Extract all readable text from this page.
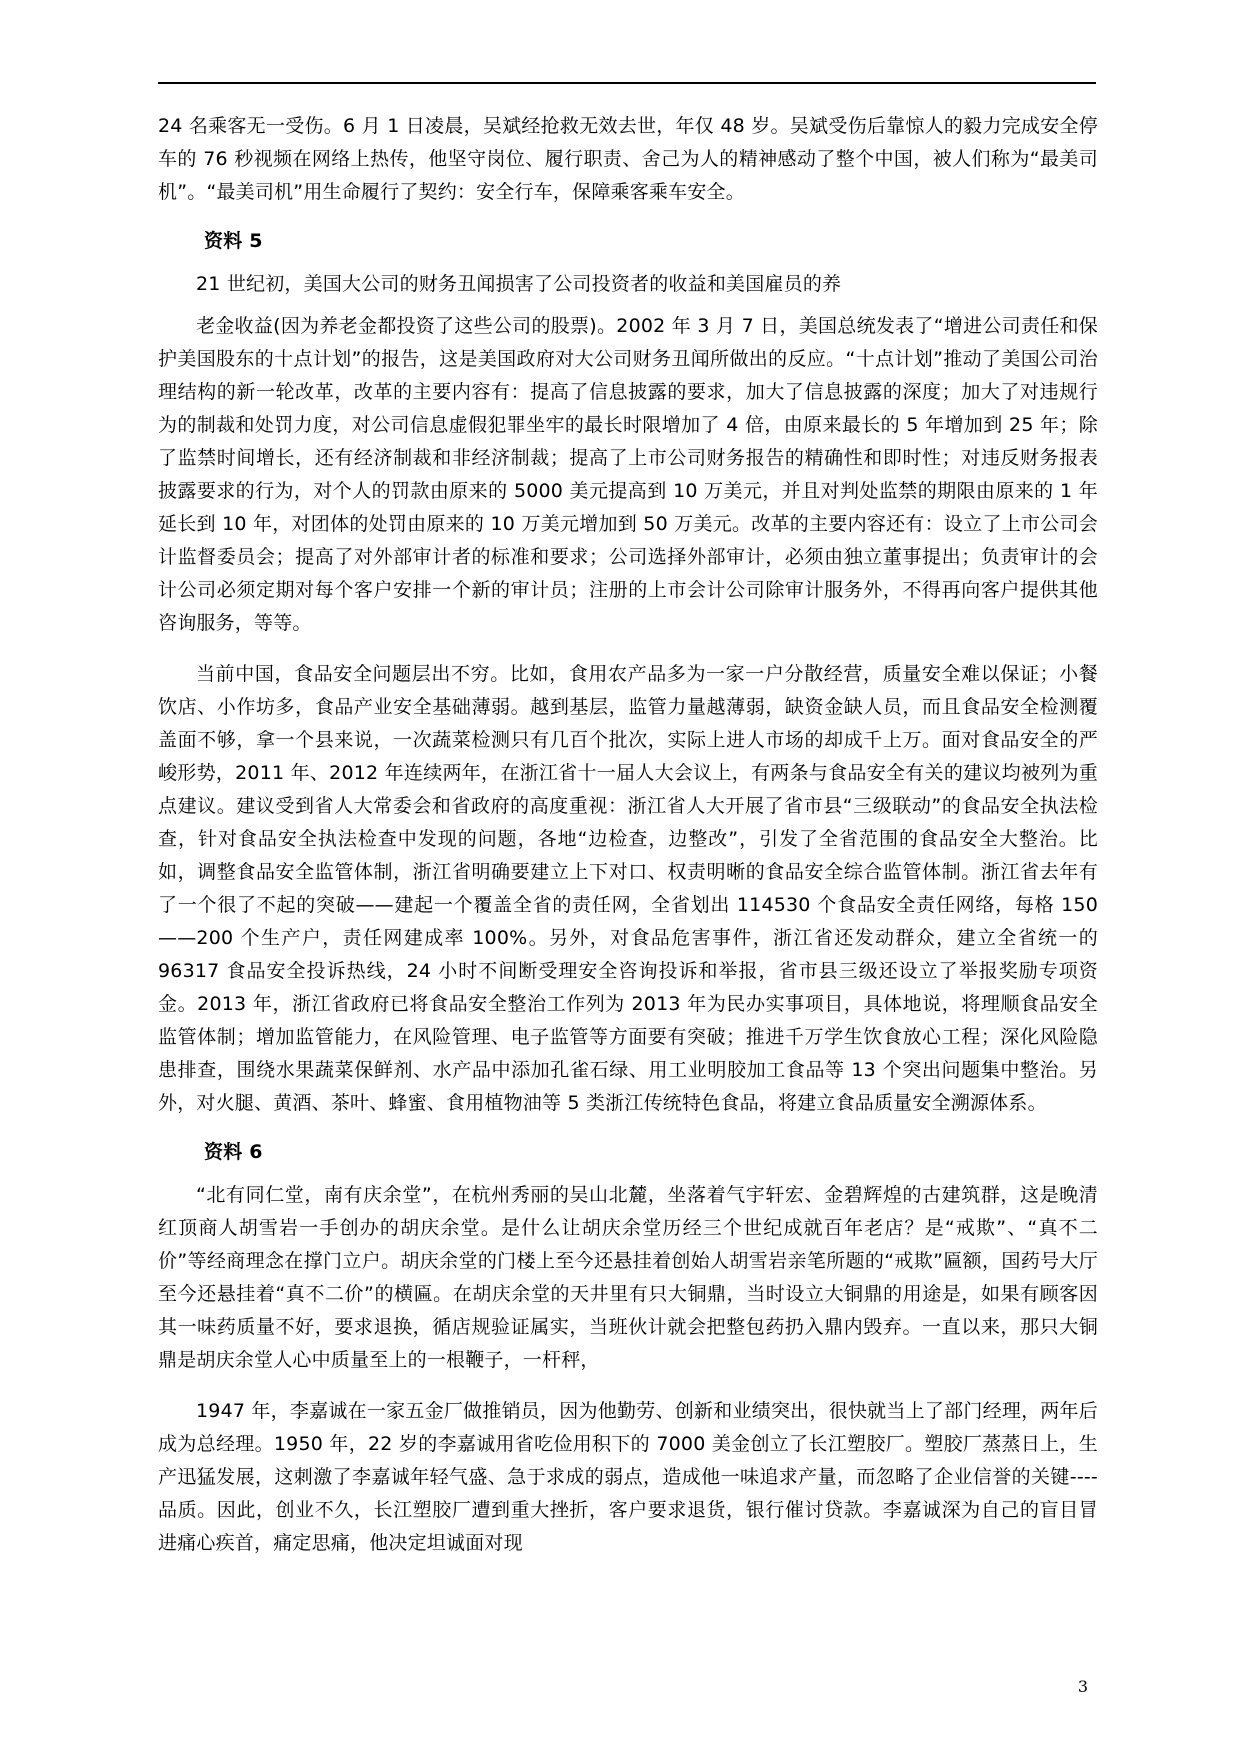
24 名乘客无一受伤。6 月 1 日凌晨，吴斌经抢救无效去世，年仅 48 岁。吴斌受伤后靠惊人的毅力完成安全停车的 76 秒视频在网络上热传，他坚守岗位、履行职责、舍己为人的精神感动了整个中国，被人们称为“最美司机”。“最美司机”用生命履行了契约：安全行车，保障乘客乘车安全。

资料 5

21 世纪初，美国大公司的财务丑闻损害了公司投资者的收益和美国雇员的养

老金收益(因为养老金都投资了这些公司的股票)。2002 年 3 月 7 日，美国总统发表了“增进公司责任和保护美国股东的十点计划”的报告，这是美国政府对大公司财务丑闻所做出的反应。“十点计划”推动了美国公司治理结构的新一轮改革，改革的主要内容有：提高了信息披露的要求，加大了信息披露的深度；加大了对违规行为的制裁和处罚力度，对公司信息虚假犯罪坐牢的最长时限增加了 4 倍，由原来最长的 5 年增加到 25 年；除了监禁时间增长，还有经济制裁和非经济制裁；提高了上市公司财务报告的精确性和即时性；对违反财务报表披露要求的行为，对个人的罚款由原来的 5000 美元提高到 10 万美元，并且对判处监禁的期限由原来的 1 年延长到 10 年，对团体的处罚由原来的 10 万美元增加到 50 万美元。改革的主要内容还有：设立了上市公司会计监督委员会；提高了对外部审计者的标准和要求；公司选择外部审计，必须由独立董事提出；负责审计的会计公司必须定期对每个客户安排一个新的审计员；注册的上市会计公司除审计服务外，不得再向客户提供其他咨询服务，等等。

当前中国，食品安全问题层出不穷。比如，食用农产品多为一家一户分散经营，质量安全难以保证；小餐饮店、小作坊多，食品产业安全基础薄弱。越到基层，监管力量越薄弱，缺资金缺人员，而且食品安全检测覆盖面不够，拿一个县来说，一次蔬菜检测只有几百个批次，实际上进人市场的却成千上万。面对食品安全的严峻形势，2011 年、2012 年连续两年，在浙江省十一届人大会议上，有两条与食品安全有关的建议均被列为重点建议。建议受到省人大常委会和省政府的高度重视：浙江省人大开展了省市县“三级联动”的食品安全执法检查，针对食品安全执法检查中发现的问题，各地“边检查，边整改”，引发了全省范围的食品安全大整治。比如，调整食品安全监管体制，浙江省明确要建立上下对口、权责明晰的食品安全综合监管体制。浙江省去年有了一个很了不起的突破——建起一个覆盖全省的责任网，全省划出 114530 个食品安全责任网络，每格 150——200 个生产户，责任网建成率 100%。另外，对食品危害事件，浙江省还发动群众，建立全省统一的 96317 食品安全投诉热线，24 小时不间断受理安全咨询投诉和举报，省市县三级还设立了举报奖励专项资金。2013 年，浙江省政府已将食品安全整治工作列为 2013 年为民办实事项目，具体地说，将理顺食品安全监管体制；增加监管能力，在风险管理、电子监管等方面要有突破；推进千万学生饮食放心工程；深化风险隐患排查，围绕水果蔬菜保鲜剂、水产品中添加孔雀石绿、用工业明胶加工食品等 13 个突出问题集中整治。另外，对火腿、黄酒、茶叶、蜂蜜、食用植物油等 5 类浙江传统特色食品，将建立食品质量安全溯源体系。

资料 6

“北有同仁堂，南有庆余堂”，在杭州秀丽的吴山北麓，坐落着气宇轩宏、金碧辉煌的古建筑群，这是晚清红顶商人胡雪岩一手创办的胡庆余堂。是什么让胡庆余堂历经三个世纪成就百年老店？是“戒欺”、“真不二价”等经商理念在撑门立户。胡庆余堂的门楼上至今还悬挂着创始人胡雪岩亲笔所题的“戒欺”匾额，国药号大厅至今还悬挂着“真不二价”的横匾。在胡庆余堂的天井里有只大铜鼎，当时设立大铜鼎的用途是，如果有顾客因其一味药质量不好，要求退换，循店规验证属实，当班伙计就会把整包药扔入鼎内毁弃。一直以来，那只大铜鼎是胡庆余堂人心中质量至上的一根鞭子，一杆秤，

1947 年，李嘉诚在一家五金厂做推销员，因为他勤劳、创新和业绩突出，很快就当上了部门经理，两年后成为总经理。1950 年，22 岁的李嘉诚用省吃俭用积下的 7000 美金创立了长江塑胶厂。塑胶厂蒸蒸日上，生产迅猛发展，这刺激了李嘉诚年轻气盛、急于求成的弱点，造成他一味追求产量，而忽略了企业信誉的关键----品质。因此，创业不久，长江塑胶厂遭到重大挫折，客户要求退货，银行催讨贷款。李嘉诚深为自己的盲目冒进痛心疾首，痛定思痛，他决定坦诚面对现

3
